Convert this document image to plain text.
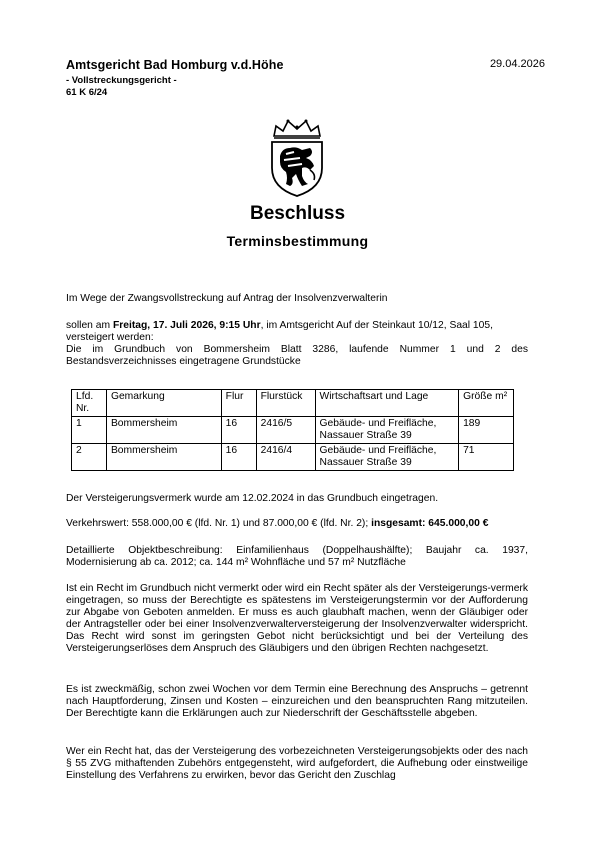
Amtsgericht Bad Homburg v.d.Höhe
- Vollstreckungsgericht -
61 K 6/24
29.04.2026
Beschluss
Terminsbestimmung
Im Wege der Zwangsvollstreckung auf Antrag der Insolvenzverwalterin
sollen am Freitag, 17. Juli 2026, 9:15 Uhr, im Amtsgericht Auf der Steinkaut 10/12, Saal 105,
versteigert werden:
Die im Grundbuch von Bommersheim Blatt 3286, laufende Nummer 1 und 2 des
Bestandsverzeichnisses eingetragene Grundstücke
Lfd. Nr.	Gemarkung	Flur	Flurstück	Wirtschaftsart und Lage	Größe m²
1	Bommersheim	16	2416/5	Gebäude- und Freifläche, Nassauer Straße 39	189
2	Bommersheim	16	2416/4	Gebäude- und Freifläche, Nassauer Straße 39	71
Der Versteigerungsvermerk wurde am 12.02.2024 in das Grundbuch eingetragen.
Verkehrswert: 558.000,00 € (lfd. Nr. 1) und 87.000,00 € (lfd. Nr. 2); insgesamt: 645.000,00 €
Detaillierte Objektbeschreibung: Einfamilienhaus (Doppelhaushälfte); Baujahr ca. 1937,
Modernisierung ab ca. 2012; ca. 144 m² Wohnfläche und 57 m² Nutzfläche
Ist ein Recht im Grundbuch nicht vermerkt oder wird ein Recht später als der Versteigerungs-vermerk eingetragen, so muss der Berechtigte es spätestens im Versteigerungstermin vor der Aufforderung zur Abgabe von Geboten anmelden. Er muss es auch glaubhaft machen, wenn der Gläubiger oder der Antragsteller oder bei einer Insolvenzverwalterversteigerung der Insolvenzverwalter widerspricht. Das Recht wird sonst im geringsten Gebot nicht berücksichtigt und bei der Verteilung des Versteigerungserlöses dem Anspruch des Gläubigers und den übrigen Rechten nachgesetzt.
Es ist zweckmäßig, schon zwei Wochen vor dem Termin eine Berechnung des Anspruchs – getrennt nach Hauptforderung, Zinsen und Kosten – einzureichen und den beanspruchten Rang mitzuteilen. Der Berechtigte kann die Erklärungen auch zur Niederschrift der Geschäftsstelle abgeben.
Wer ein Recht hat, das der Versteigerung des vorbezeichneten Versteigerungsobjekts oder des nach § 55 ZVG mithaftenden Zubehörs entgegensteht, wird aufgefordert, die Aufhebung oder einstweilige Einstellung des Verfahrens zu erwirken, bevor das Gericht den Zuschlag
